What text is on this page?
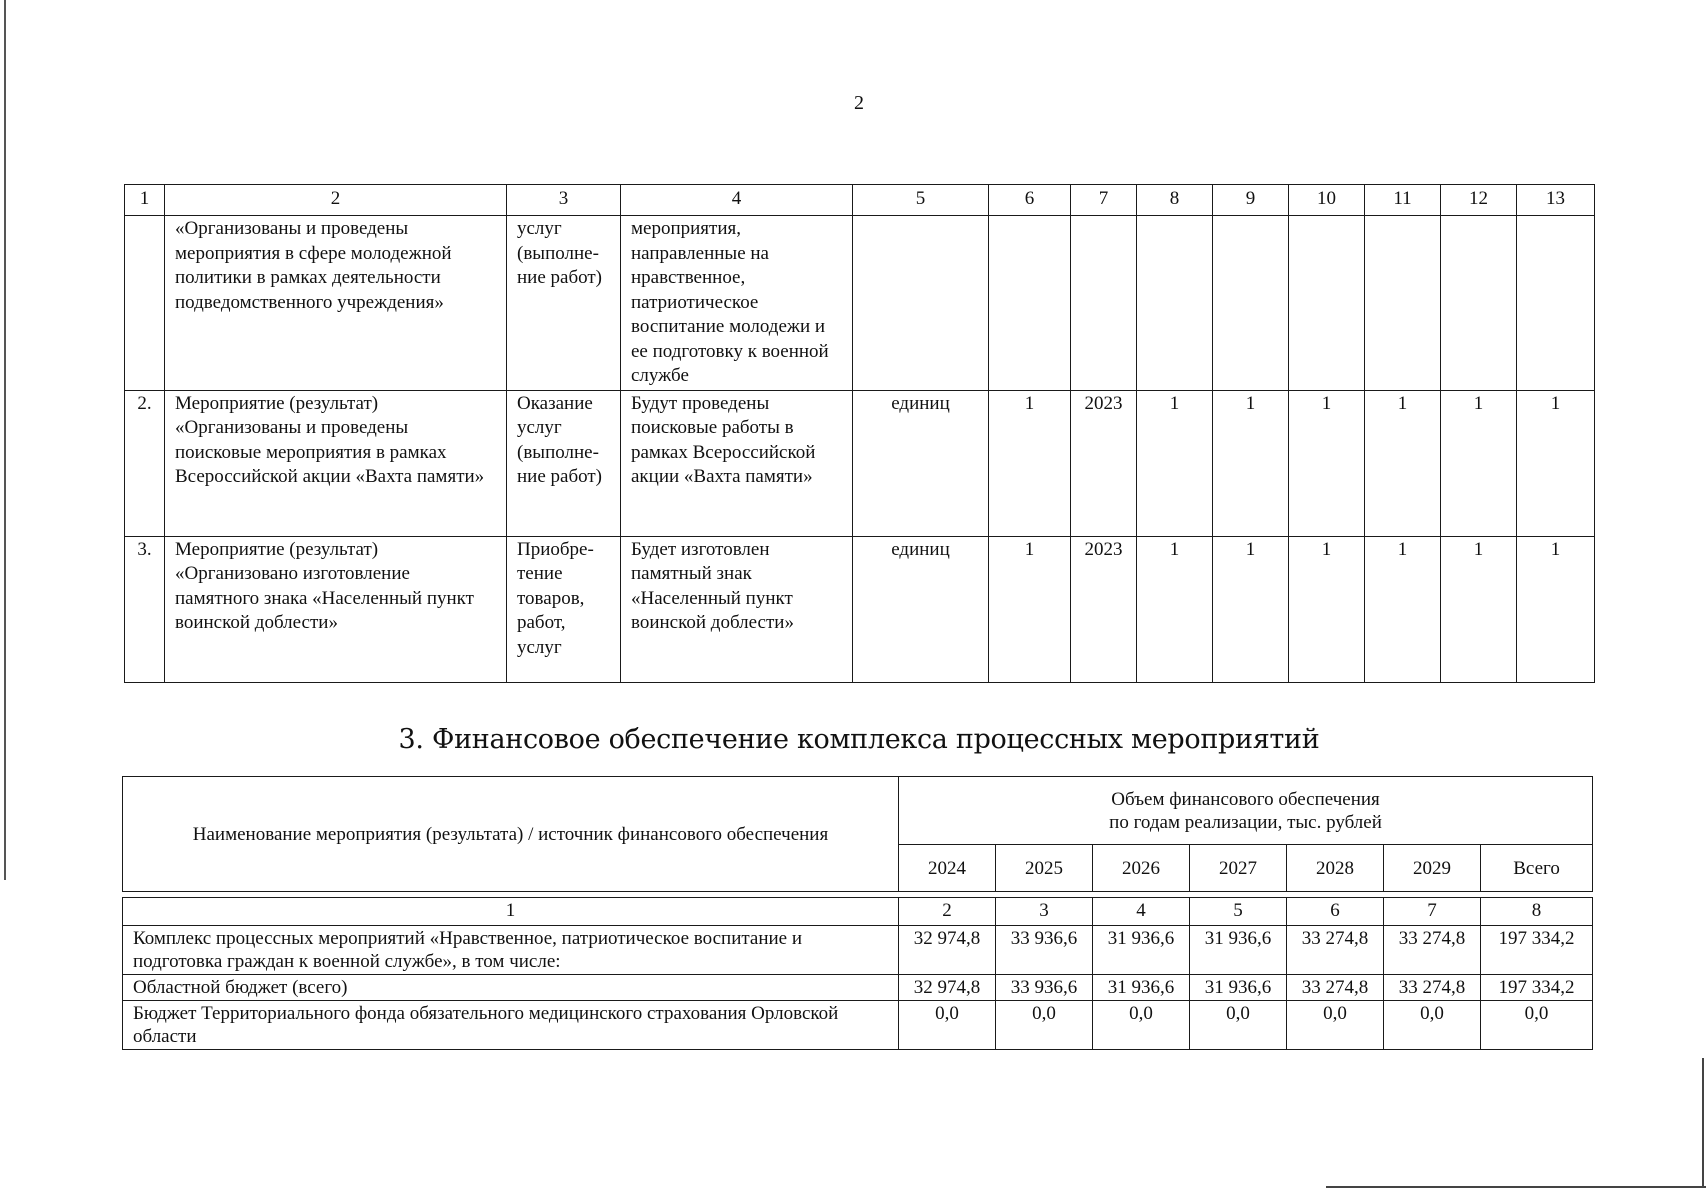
2
1	2	3	4	5	6	7	8	9	10	11	12	13
	«Организованы и проведены мероприятия в сфере молодежной политики в рамках деятельности подведомственного учреждения»	услуг (выполне-ние работ)	мероприятия, направленные на нравственное, патриотическое воспитание молодежи и ее подготовку к военной службе									
2.	Мероприятие (результат) «Организованы и проведены поисковые мероприятия в рамках Всероссийской акции «Вахта памяти»	Оказание услуг (выполне-ние работ)	Будут проведены поисковые работы в рамках Всероссийской акции «Вахта памяти»	единиц	1	2023	1	1	1	1	1	1
3.	Мероприятие (результат) «Организовано изготовление памятного знака «Населенный пункт воинской доблести»	Приобре-тение товаров, работ, услуг	Будет изготовлен памятный знак «Населенный пункт воинской доблести»	единиц	1	2023	1	1	1	1	1	1
3. Финансовое обеспечение комплекса процессных мероприятий
Наименование мероприятия (результата) / источник финансового обеспечения	Объем финансового обеспечения
по годам реализации, тыс. рублей						

	2024	2025	2026	2027	2028	2029	Всего

1	2	3	4	5	6	7	8
Комплекс процессных мероприятий «Нравственное, патриотическое воспитание и подготовка граждан к военной службе», в том числе:	32 974,8	33 936,6	31 936,6	31 936,6	33 274,8	33 274,8	197 334,2
Областной бюджет (всего)	32 974,8	33 936,6	31 936,6	31 936,6	33 274,8	33 274,8	197 334,2
Бюджет Территориального фонда обязательного медицинского страхования Орловской области	0,0	0,0	0,0	0,0	0,0	0,0	0,0
